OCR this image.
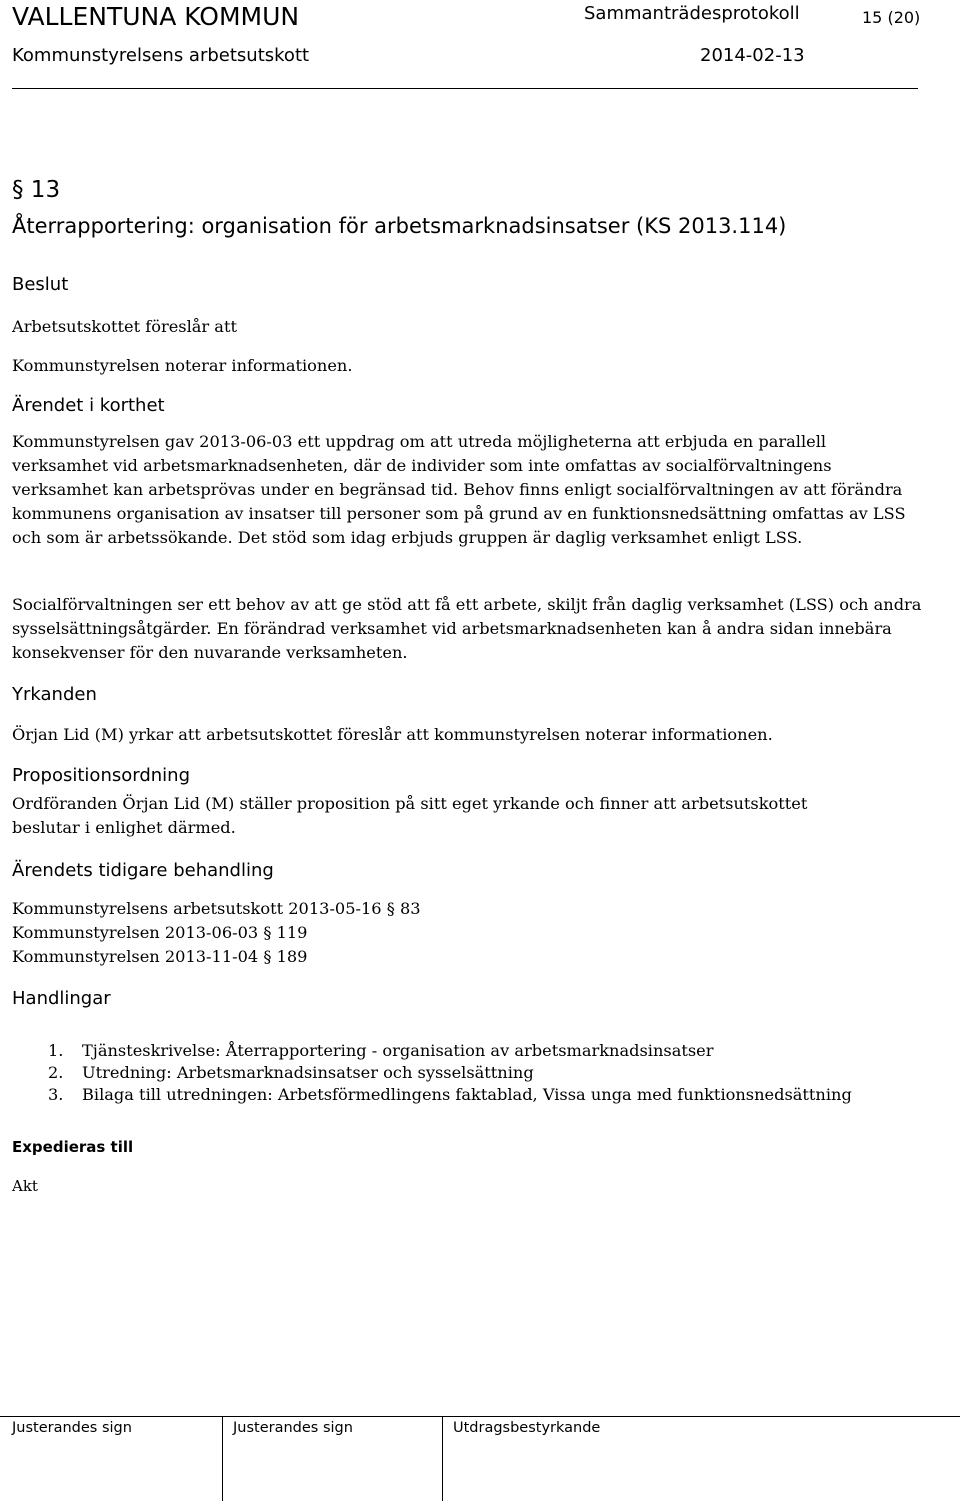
VALLENTUNA KOMMUN	Sammanträdesprotokoll	15 (20)
Kommunstyrelsens arbetsutskott	2014-02-13
§ 13
Återrapportering: organisation för arbetsmarknadsinsatser (KS 2013.114)
Beslut
Arbetsutskottet föreslår att
Kommunstyrelsen noterar informationen.
Ärendet i korthet

Kommunstyrelsen gav 2013-06-03 ett uppdrag om att utreda möjligheterna att erbjuda en parallell verksamhet vid arbetsmarknadsenheten, där de individer som inte omfattas av socialförvaltningens verksamhet kan arbetsprövas under en begränsad tid. Behov finns enligt socialförvaltningen av att förändra kommunens organisation av insatser till personer som på grund av en funktionsnedsättning omfattas av LSS och som är arbetssökande. Det stöd som idag erbjuds gruppen är daglig verksamhet enligt LSS.

Socialförvaltningen ser ett behov av att ge stöd att få ett arbete, skiljt från daglig verksamhet (LSS) och andra sysselsättningsåtgärder. En förändrad verksamhet vid arbetsmarknadsenheten kan å andra sidan innebära konsekvenser för den nuvarande verksamheten.

Yrkanden
Örjan Lid (M) yrkar att arbetsutskottet föreslår att kommunstyrelsen noterar informationen.
Propositionsordning

Ordföranden Örjan Lid (M) ställer proposition på sitt eget yrkande och finner att arbetsutskottet beslutar i enlighet därmed.

Ärendets tidigare behandling
Kommunstyrelsens arbetsutskott 2013-05-16 § 83
Kommunstyrelsen 2013-06-03 § 119
Kommunstyrelsen 2013-11-04 § 189
Handlingar
1.	Tjänsteskrivelse: Återrapportering - organisation av arbetsmarknadsinsatser
2.	Utredning: Arbetsmarknadsinsatser och sysselsättning
3.	Bilaga till utredningen: Arbetsförmedlingens faktablad, Vissa unga med funktionsnedsättning
Expedieras till
Akt
Justerandes sign	Justerandes sign	Utdragsbestyrkande
